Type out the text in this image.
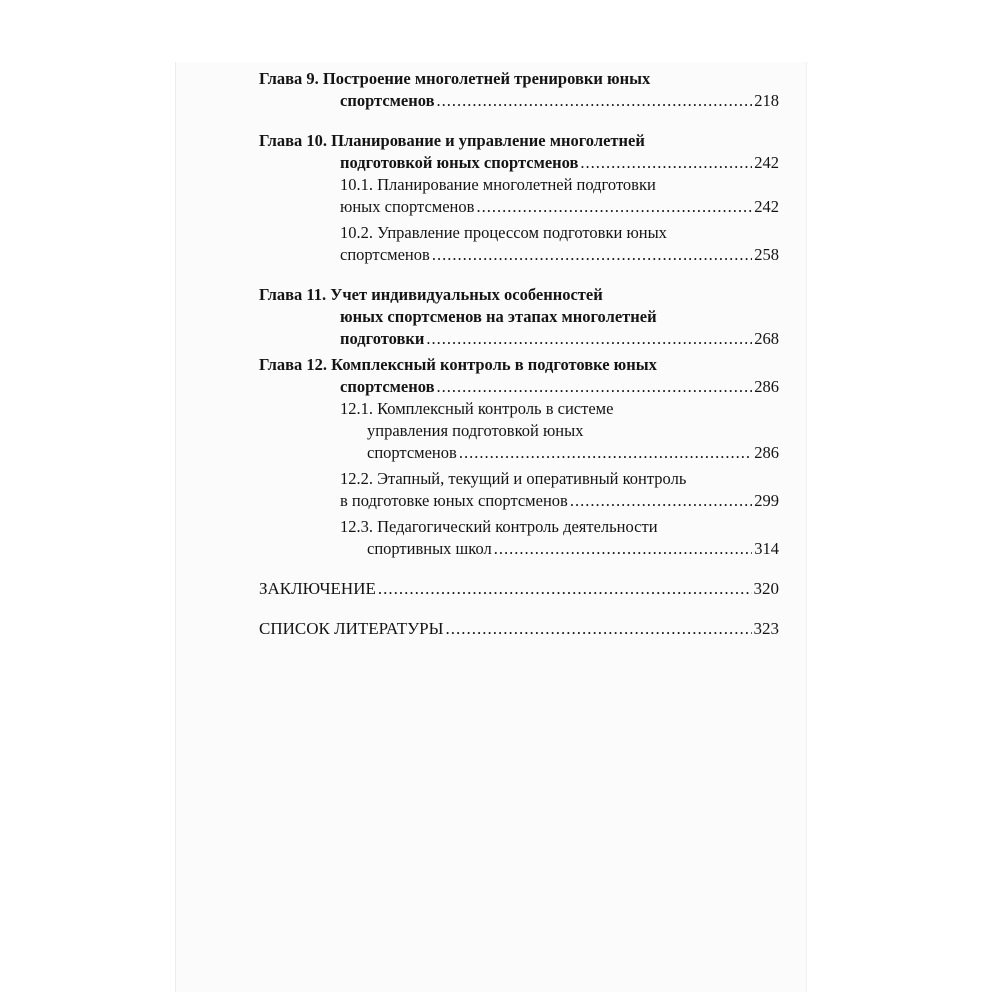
Глава 9. Построение многолетней тренировки юных
спортсменов .....	218
Глава 10. Планирование и управление многолетней
подготовкой юных спортсменов .....	242
10.1. Планирование многолетней подготовки
юных спортсменов .....	242
10.2. Управление процессом подготовки юных
спортсменов .....	258
Глава 11. Учет индивидуальных особенностей
юных спортсменов на этапах многолетней
подготовки .....	268
Глава 12. Комплексный контроль в подготовке юных
спортсменов .....	286
12.1. Комплексный контроль в системе
управления подготовкой юных
спортсменов .....	286
12.2. Этапный, текущий и оперативный контроль
в подготовке юных спортсменов .....	299
12.3. Педагогический контроль деятельности
спортивных школ .....	314
ЗАКЛЮЧЕНИЕ .....	320
СПИСОК ЛИТЕРАТУРЫ .....	323
